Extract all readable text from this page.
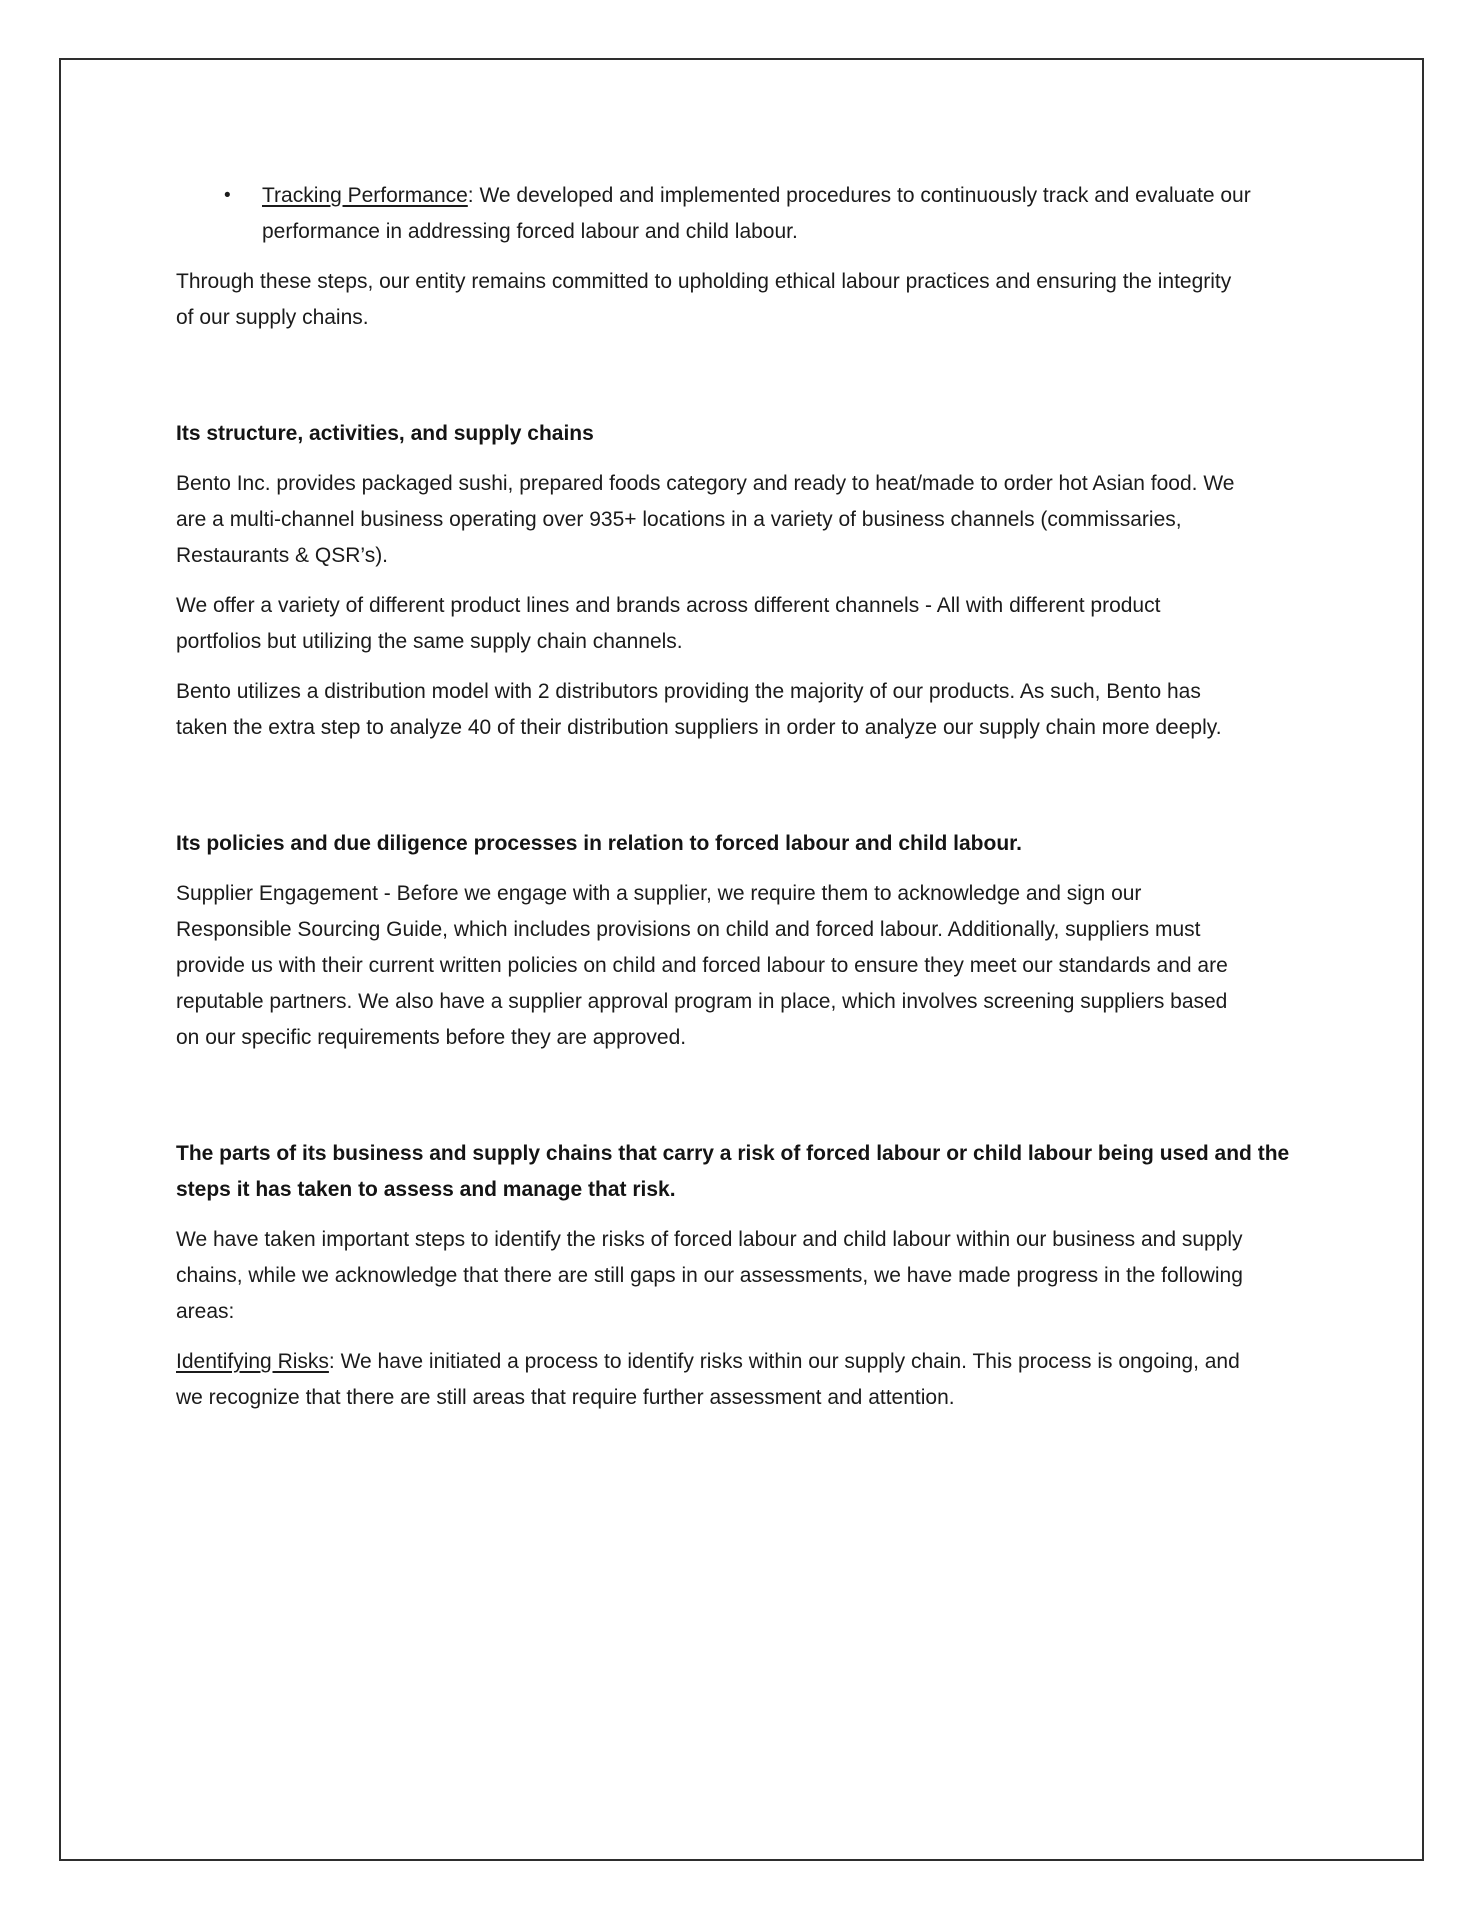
• Tracking Performance: We developed and implemented procedures to continuously track and evaluate our performance in addressing forced labour and child labour.

Through these steps, our entity remains committed to upholding ethical labour practices and ensuring the integrity of our supply chains.

Its structure, activities, and supply chains

Bento Inc. provides packaged sushi, prepared foods category and ready to heat/made to order hot Asian food. We are a multi-channel business operating over 935+ locations in a variety of business channels (commissaries, Restaurants & QSR’s).

We offer a variety of different product lines and brands across different channels - All with different product portfolios but utilizing the same supply chain channels.

Bento utilizes a distribution model with 2 distributors providing the majority of our products. As such, Bento has taken the extra step to analyze 40 of their distribution suppliers in order to analyze our supply chain more deeply.

Its policies and due diligence processes in relation to forced labour and child labour.

Supplier Engagement - Before we engage with a supplier, we require them to acknowledge and sign our Responsible Sourcing Guide, which includes provisions on child and forced labour. Additionally, suppliers must provide us with their current written policies on child and forced labour to ensure they meet our standards and are reputable partners. We also have a supplier approval program in place, which involves screening suppliers based on our specific requirements before they are approved.

The parts of its business and supply chains that carry a risk of forced labour or child labour being used and the steps it has taken to assess and manage that risk.

We have taken important steps to identify the risks of forced labour and child labour within our business and supply chains, while we acknowledge that there are still gaps in our assessments, we have made progress in the following areas:

Identifying Risks: We have initiated a process to identify risks within our supply chain. This process is ongoing, and we recognize that there are still areas that require further assessment and attention.
